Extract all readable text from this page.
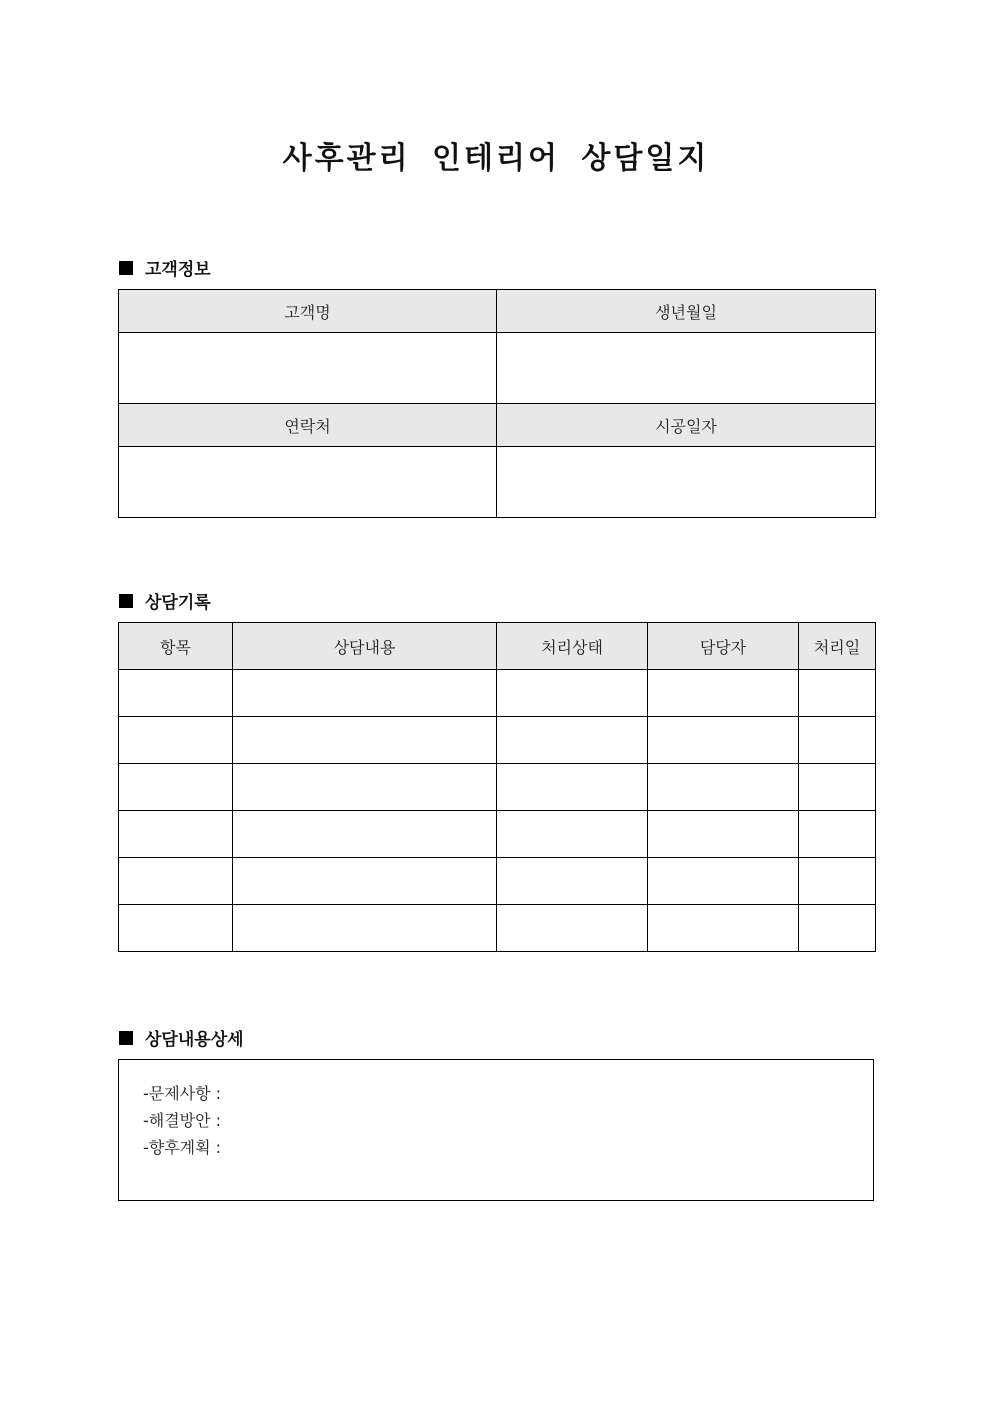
사후관리 인테리어 상담일지
고객정보
고객명	생년월일

연락처	시공일자

상담기록
항목	상담내용	처리상태	담당자	처리일

상담내용상세
-문제사항 :
-해결방안 :
-향후계획 :
